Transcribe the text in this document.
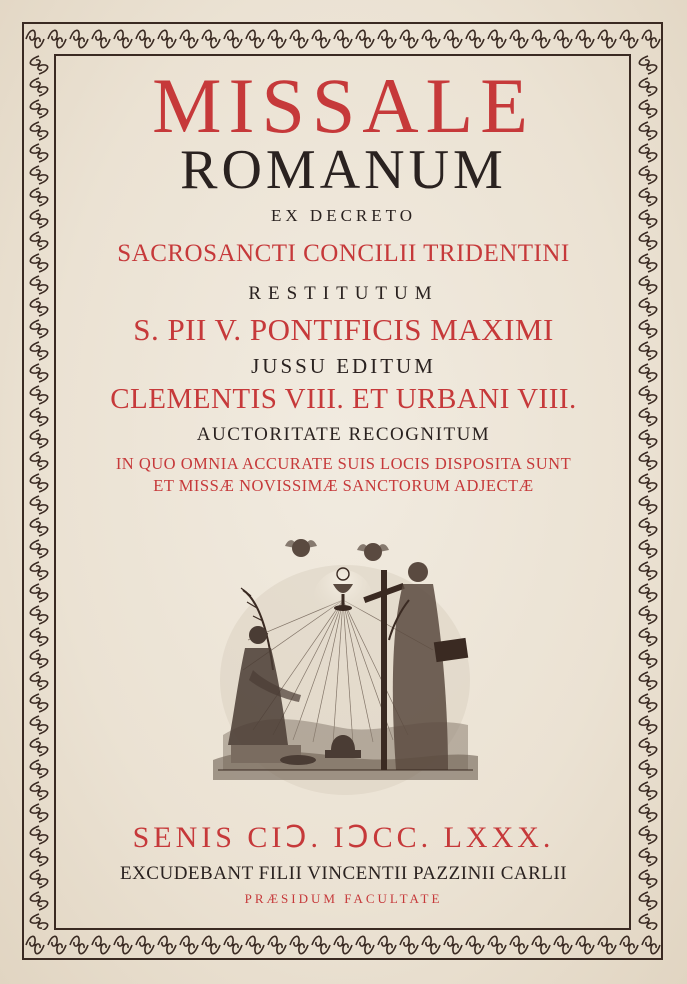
MISSALE

ROMANUM

EX DECRETO

SACROSANCTI CONCILII TRIDENTINI

RESTITUTUM

S. PII V. PONTIFICIS MAXIMI

JUSSU EDITUM

CLEMENTIS VIII. ET URBANI VIII.

AUCTORITATE RECOGNITUM

IN QUO OMNIA ACCURATE SUIS LOCIS DISPOSITA SUNT

ET MISSÆ NOVISSIMÆ SANCTORUM ADJECTÆ

SENIS CIↃ. IↃCC. LXXX.

EXCUDEBANT FILII VINCENTII PAZZINII CARLII

PRÆSIDUM FACULTATE
